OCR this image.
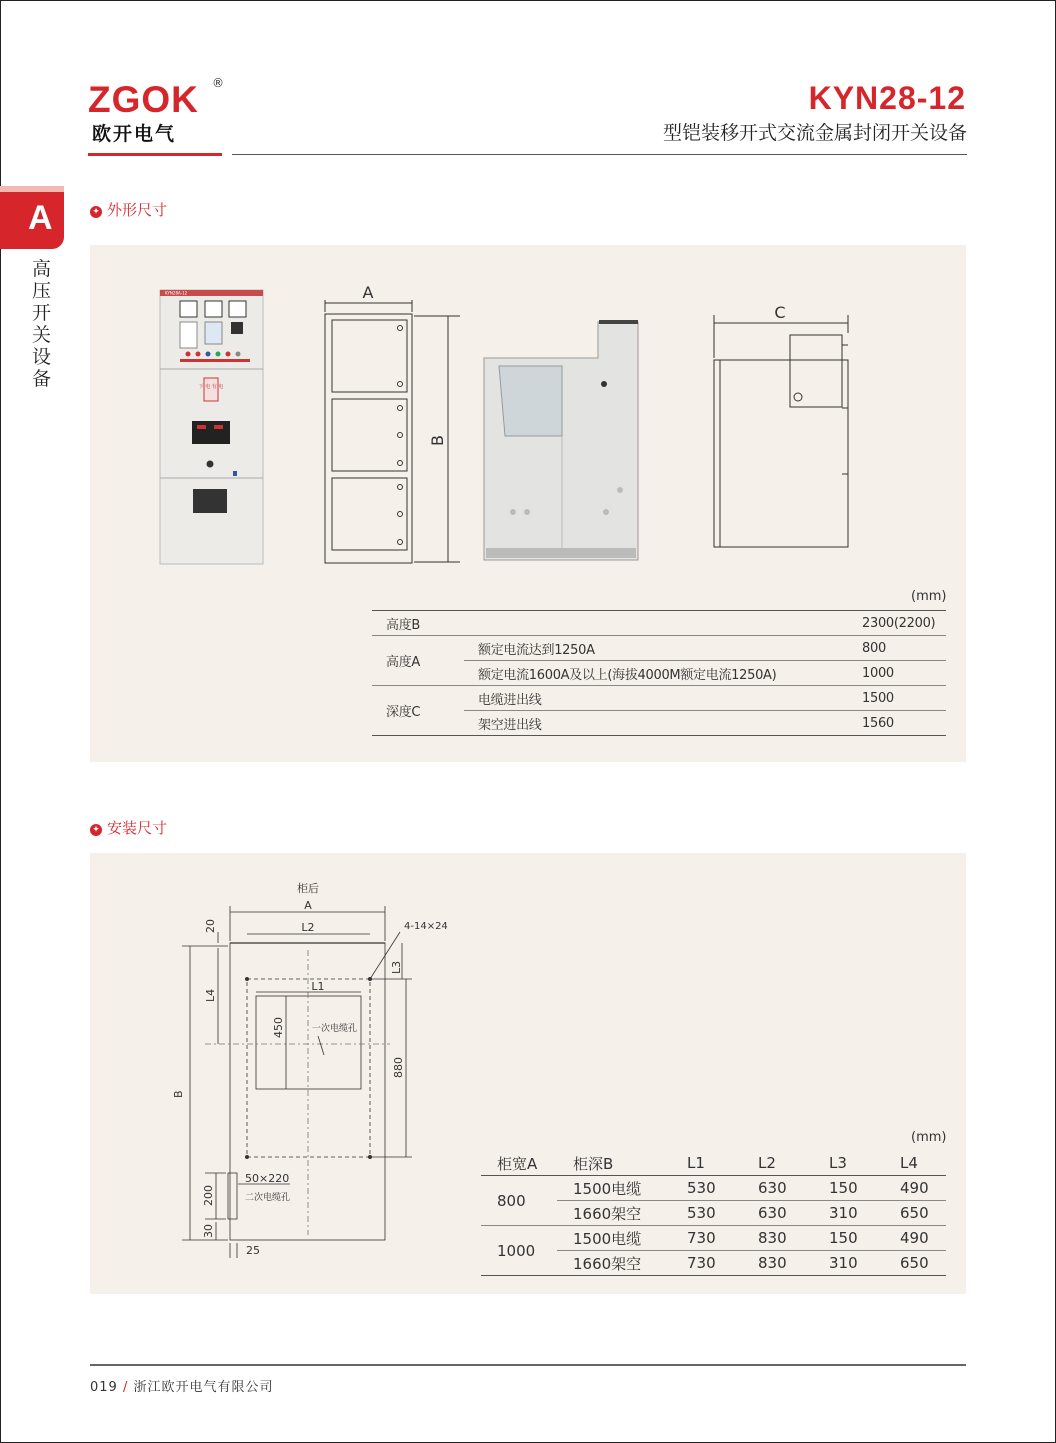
ZGOK ®
欧开电气
KYN28-12
型铠装移开式交流金属封闭开关设备
A
高压开关设备
✦ 外形尺寸
KYN28A-12
下 电 有 电
A
B
C
(mm)
高度B		2300(2200)
高度A	额定电流达到1250A	800
	额定电流1600A及以上(海拔4000M额定电流1250A)	1000
深度C	电缆进出线	1500
	架空进出线	1560
✦ 安装尺寸
柜后
A
L2
L1
4-14×24
L3
880
450	一次电缆孔
B
20
L4
200
30
25
50×220
二次电缆孔
(mm)
柜宽A	柜深B	L1	L2	L3	L4
800	1500电缆	530	630	150	490
	1660架空	530	630	310	650
1000	1500电缆	730	830	150	490
	1660架空	730	830	310	650
019 / 浙江欧开电气有限公司
